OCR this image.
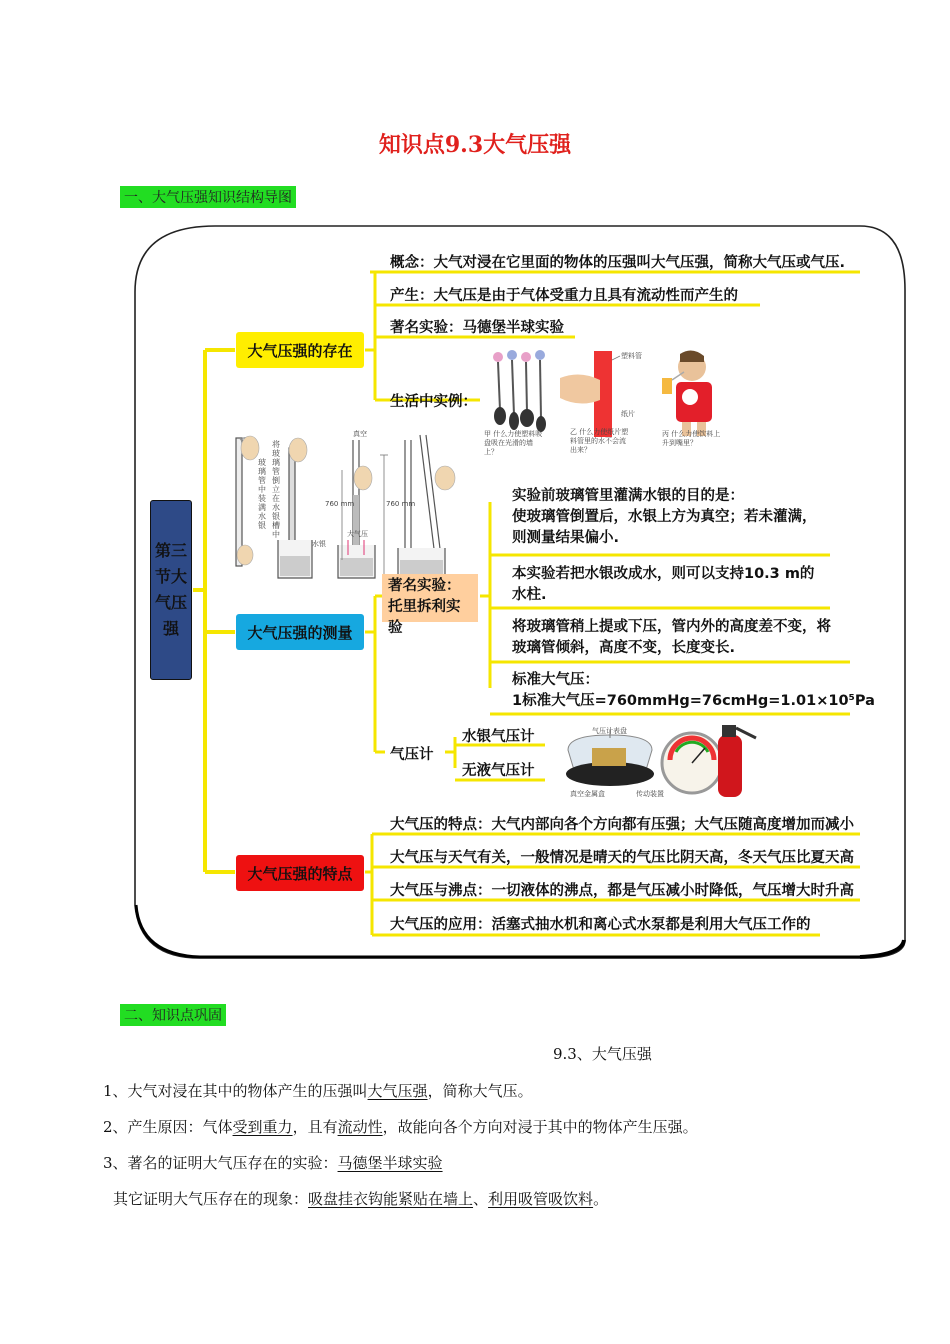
知识点9.3大气压强
一、大气压强知识结构导图
第三节大气压强
大气压强的存在
大气压强的测量
大气压强的特点
概念：大气对浸在它里面的物体的压强叫大气压强，简称大气压或气压.
产生：大气压是由于气体受重力且具有流动性而产生的
著名实验：马德堡半球实验
生活中实例：
甲 什么力使塑料吸盘吸在光滑的墙上？
乙 什么力使纸片塑料管里的水不会流出来？
丙 什么力使饮料上升到嘴里？
塑料管
纸片
玻璃管中装满水银
将玻璃管倒立在水银槽中
真空
760 mm
大气压
水银
760 mm
著名实验：
托里拆利实验
实验前玻璃管里灌满水银的目的是：
使玻璃管倒置后，水银上方为真空；若未灌满，
则测量结果偏小.
本实验若把水银改成水，则可以支持10.3 m的
水柱.
将玻璃管稍上提或下压，管内外的高度差不变，将
玻璃管倾斜，高度不变，长度变长.
标准大气压：
1标准大气压=760mmHg=76cmHg=1.01×10⁵Pa
气压计
水银气压计
无液气压计
气压计表盘
真空金属盒	传动装置
大气压的特点：大气内部向各个方向都有压强；大气压随高度增加而减小
大气压与天气有关，一般情况是晴天的气压比阴天高，冬天气压比夏天高
大气压与沸点：一切液体的沸点，都是气压减小时降低，气压增大时升高
大气压的应用：活塞式抽水机和离心式水泵都是利用大气压工作的
二、知识点巩固
9.3、大气压强
1、大气对浸在其中的物体产生的压强叫大气压强，简称大气压。
2、产生原因：气体受到重力，且有流动性，故能向各个方向对浸于其中的物体产生压强。
3、著名的证明大气压存在的实验：马德堡半球实验
其它证明大气压存在的现象：吸盘挂衣钩能紧贴在墙上、利用吸管吸饮料。
